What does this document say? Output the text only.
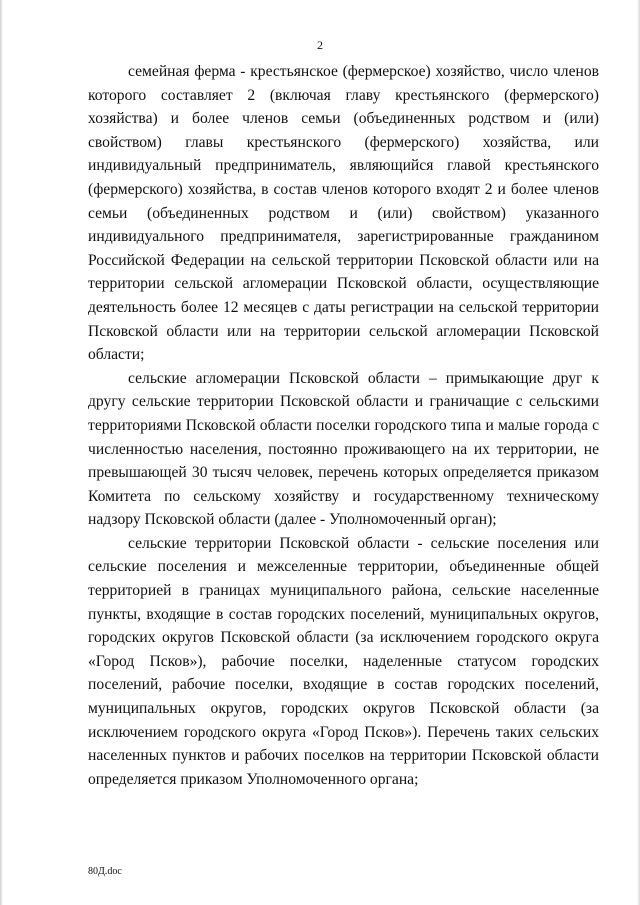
2

семейная ферма - крестьянское (фермерское) хозяйство, число членов которого составляет 2 (включая главу крестьянского (фермерского) хозяйства) и более членов семьи (объединенных родством и (или) свойством) главы крестьянского (фермерского) хозяйства, или индивидуальный предприниматель, являющийся главой крестьянского (фермерского) хозяйства, в состав членов которого входят 2 и более членов семьи (объединенных родством и (или) свойством) указанного индивидуального предпринимателя, зарегистрированные гражданином Российской Федерации на сельской территории Псковской области или на территории сельской агломерации Псковской области, осуществляющие деятельность более 12 месяцев с даты регистрации на сельской территории Псковской области или на территории сельской агломерации Псковской области;

сельские агломерации Псковской области – примыкающие друг к другу сельские территории Псковской области и граничащие с сельскими территориями Псковской области поселки городского типа и малые города с численностью населения, постоянно проживающего на их территории, не превышающей 30 тысяч человек, перечень которых определяется приказом Комитета по сельскому хозяйству и государственному техническому надзору Псковской области (далее - Уполномоченный орган);

сельские территории Псковской области - сельские поселения или сельские поселения и межселенные территории, объединенные общей территорией в границах муниципального района, сельские населенные пункты, входящие в состав городских поселений, муниципальных округов, городских округов Псковской области (за исключением городского округа «Город Псков»), рабочие поселки, наделенные статусом городских поселений, рабочие поселки, входящие в состав городских поселений, муниципальных округов, городских округов Псковской области (за исключением городского округа «Город Псков»). Перечень таких сельских населенных пунктов и рабочих поселков на территории Псковской области определяется приказом Уполномоченного органа;

80Д.doc
